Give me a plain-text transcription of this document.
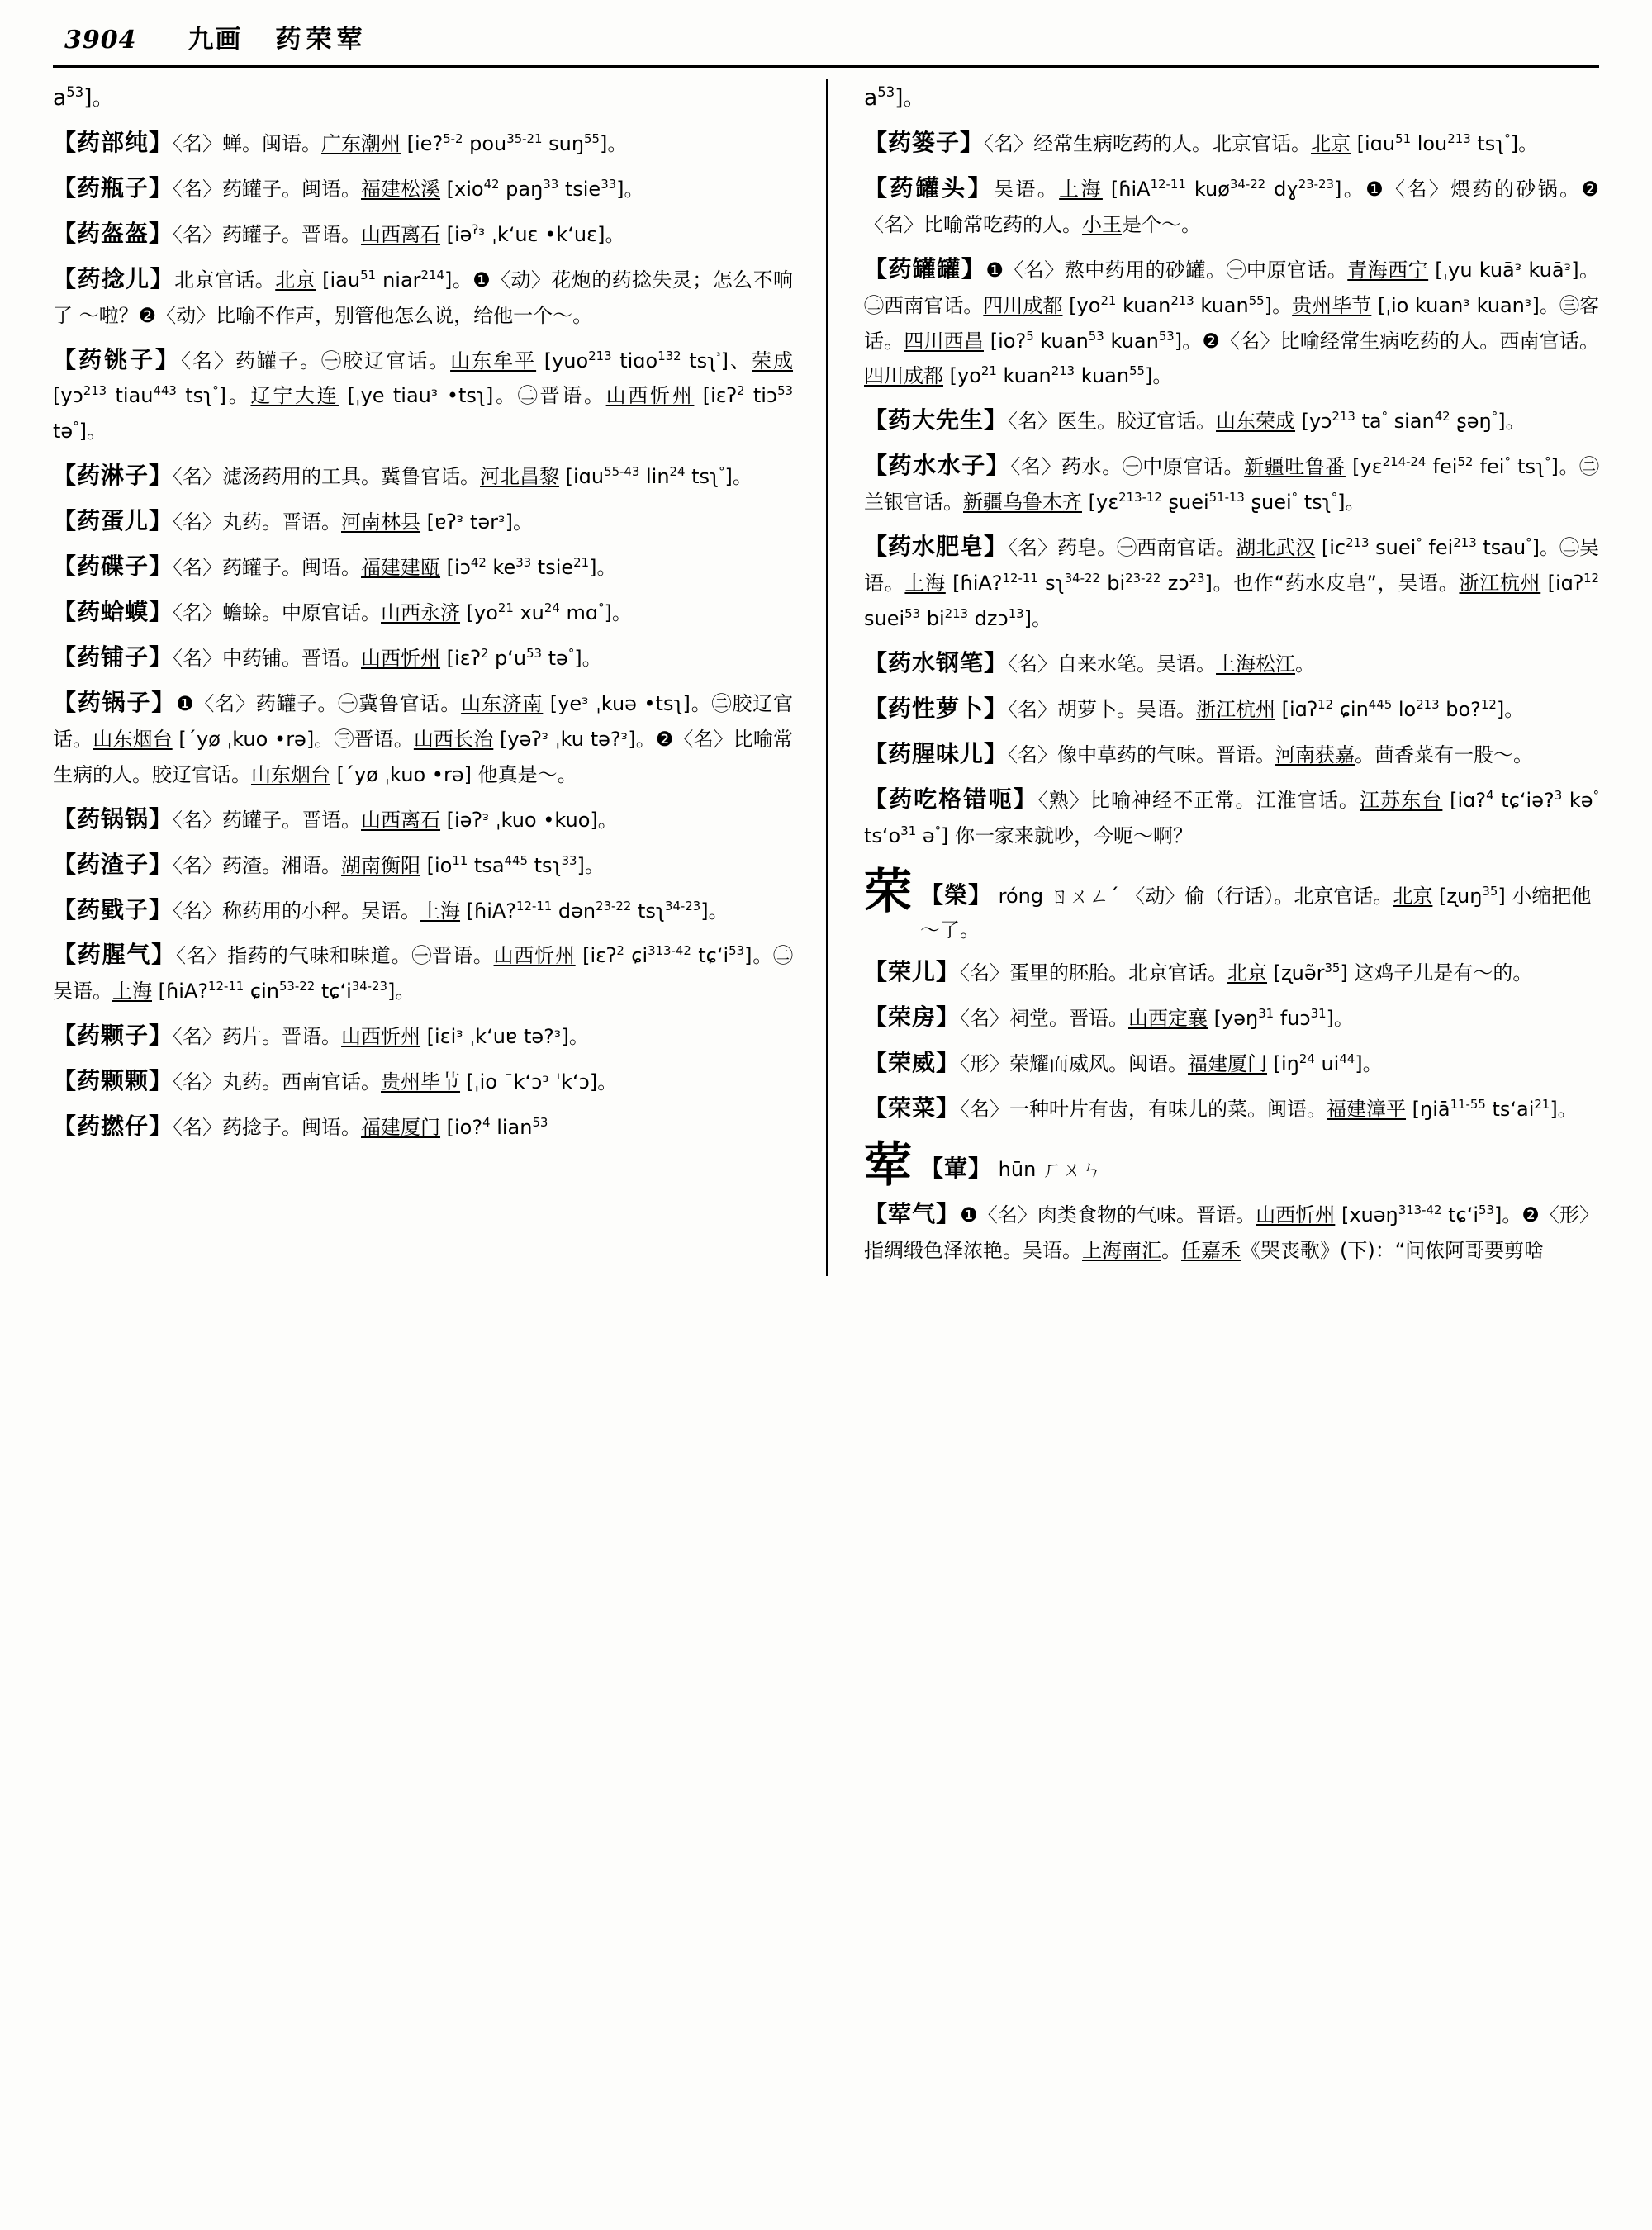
3904 九画 药荣荤
$a^{53}$]。
【药部纯】〈名〉蝉。闽语。广东潮州 [ie?$^{5-2}$ pou$^{35-21}$ suŋ$^{55}$]。
【药瓶子】〈名〉药罐子。闽语。福建松溪 [xio$^{42}$ paŋ$^{33}$ tsie$^{33}$]。
【药盔盔】〈名〉药罐子。晋语。山西离石 [iə$^ʔ$ᵌ ˌk‘uɛ •k‘uɛ]。
【药捻儿】北京官话。北京 [iau$^{51}$ niar$^{214}$]。❶〈动〉花炮的药捻失灵；怎么不响了 ～啦？❷〈动〉比喻不作声，别管他怎么说，给他一个～。
【药铫子】〈名〉药罐子。㊀胶辽官话。山东牟平 [yuo$^{213}$ tiɑo$^{132}$ tsʅ$^ᵌ$]、荣成 [yɔ$^{213}$ tiau$^{443}$ tsʅ°]。辽宁大连 [ˌye tiauᵌ •tsʅ]。㊁晋语。山西忻州 [iɛʔ$^2$ tiɔ$^{53}$ tə°]。
【药淋子】〈名〉滤汤药用的工具。冀鲁官话。河北昌黎 [iɑu$^{55-43}$ lin$^{24}$ tsʅ°]。
【药蛋儿】〈名〉丸药。晋语。河南林县 [ɐʔᵌ tərᵌ]。
【药碟子】〈名〉药罐子。闽语。福建建瓯 [iɔ$^{42}$ $ke^{33}$ tsie$^{21}$]。
【药蛤蟆】〈名〉蟾蜍。中原官话。山西永济 [$yo^{21}$ $xu^{24}$ mɑ°]。
【药铺子】〈名〉中药铺。晋语。山西忻州 [iɛʔ$^2$ $p‘u^{53}$ tə°]。
【药锅子】❶〈名〉药罐子。㊀冀鲁官话。山东济南 [yeᵌ ˌkuə •tsʅ]。㊁胶辽官话。山东烟台 [ˊyø ˌkuo •rə]。㊂晋语。山西长治 [yəʔᵌ ˌku tə?ᵌ]。❷〈名〉比喻常生病的人。胶辽官话。山东烟台 [ˊyø ˌkuo •rə] 他真是～。
【药锅锅】〈名〉药罐子。晋语。山西离石 [iəʔᵌ ˌkuo •kuo]。
【药渣子】〈名〉药渣。湘语。湖南衡阳 [$io^{11}$ tsa$^{445}$ tsʅ$^{33}$]。
【药戥子】〈名〉称药用的小秤。吴语。上海 [ɦiA?$^{12-11}$ dən$^{23-22}$ tsʅ$^{34-23}$]。
【药腥气】〈名〉指药的气味和味道。㊀晋语。山西忻州 [iɛʔ$^2$ ɕi$^{313-42}$ $tɕ‘i^{53}$]。㊁吴语。上海 [ɦiA?$^{12-11}$ ɕin$^{53-22}$ $tɕ‘i^{34-23}$]。
【药颗子】〈名〉药片。晋语。山西忻州 [iɛiᵌ ˌk‘uɐ tə?ᵌ]。
【药颗颗】〈名〉丸药。西南官话。贵州毕节 [ˌio ˉk‘ɔᵌ ˈk‘ɔ]。
【药撚仔】〈名〉药捻子。闽语。福建厦门 [io?$^4$ lian$^{53}$
$a^{53}$]。
【药篓子】〈名〉经常生病吃药的人。北京官话。北京 [iɑu$^{51}$ lou$^{213}$ tsʅ°]。
【药罐头】吴语。上海 [ɦiA$^{12-11}$ kuø$^{34-22}$ dɣ$^{23-23}$]。❶〈名〉煨药的砂锅。❷〈名〉比喻常吃药的人。小王是个～。
【药罐罐】❶〈名〉熬中药用的砂罐。㊀中原官话。青海西宁 [ˌyu kuāᵌ kuāᵌ]。㊁西南官话。四川成都 [$yo^{21}$ kuan$^{213}$ kuan$^{55}$]。贵州毕节 [ˌio kuanᵌ kuanᵌ]。㊂客话。四川西昌 [io?$^5$ kuan$^{53}$ kuan$^{53}$]。❷〈名〉比喻经常生病吃药的人。西南官话。四川成都 [$yo^{21}$ kuan$^{213}$ kuan$^{55}$]。
【药大先生】〈名〉医生。胶辽官话。山东荣成 [yɔ$^{213}$ ta° sian$^{42}$ ʂəŋ°]。
【药水水子】〈名〉药水。㊀中原官话。新疆吐鲁番 [yɛ$^{214-24}$ fei$^{52}$ fei° tsʅ°]。㊁兰银官话。新疆乌鲁木齐 [yɛ$^{213-12}$ ʂuei$^{51-13}$ ʂuei° tsʅ°]。
【药水肥皂】〈名〉药皂。㊀西南官话。湖北武汉 [$ic^{213}$ suei° fei$^{213}$ tsau°]。㊁吴语。上海 [ɦiA?$^{12-11}$ sʅ$^{34-22}$ $bi^{23-22}$ zɔ$^{23}$]。也作“药水皮皂”，吴语。浙江杭州 [iɑʔ$^{12}$ suei$^{53}$ $bi^{213}$ dzɔ$^{13}$]。
【药水钢笔】〈名〉自来水笔。吴语。上海松江。
【药性萝卜】〈名〉胡萝卜。吴语。浙江杭州 [iɑʔ$^{12}$ ɕin$^{445}$ $lo^{213}$ bo?$^{12}$]。
【药腥味儿】〈名〉像中草药的气味。晋语。河南获嘉。茴香菜有一股～。
【药吃格错呃】〈熟〉比喻神经不正常。江淮官话。江苏东台 [iɑ?$^4$ tɕ‘iə?$^3$ kə° $ts‘o^{31}$ ə°] 你一家来就吵，今呃～啊？
荣 【榮】 róng ㄖㄨㄥˊ 〈动〉偷（行话）。北京官话。北京 [ʐuŋ$^{35}$] 小缩把他～了。
【荣儿】〈名〉蛋里的胚胎。北京官话。北京 $[ʐuə̃r^{35}]$ 这鸡子儿是有～的。
【荣房】〈名〉祠堂。晋语。山西定襄 [yəŋ$^{31}$ fuɔ$^{31}$]。
【荣威】〈形〉荣耀而威风。闽语。福建厦门 [$iŋ^{24}$ $ui^{44}$]。
【荣菜】〈名〉一种叶片有齿，有味儿的菜。闽语。福建漳平 [ŋiā$^{11-55}$ $ts‘ai^{21}$]。
荤 【葷】 hūn ㄏㄨㄣ
【荤气】❶〈名〉肉类食物的气味。晋语。山西忻州 [xuəŋ$^{313-42}$ $tɕ‘i^{53}$]。❷〈形〉指绸缎色泽浓艳。吴语。上海南汇。任嘉禾《哭丧歌》(下)：“问侬阿哥要剪啥
